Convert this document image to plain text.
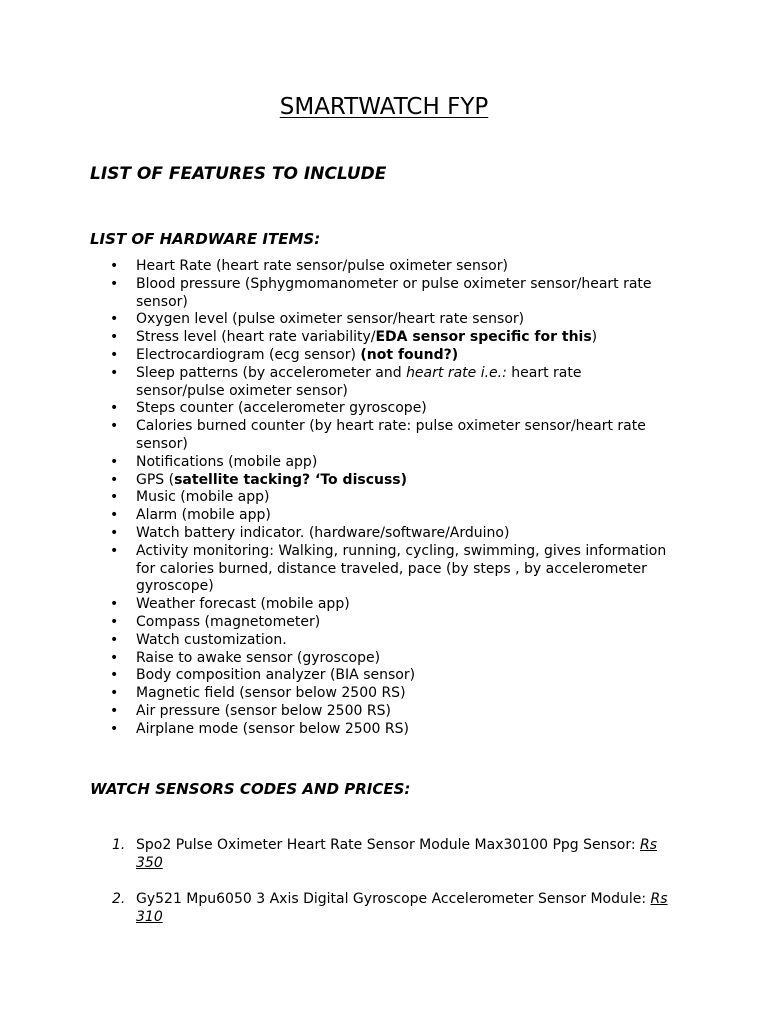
SMARTWATCH FYP
LIST OF FEATURES TO INCLUDE
LIST OF HARDWARE ITEMS:
• Heart Rate (heart rate sensor/pulse oximeter sensor)
• Blood pressure (Sphygmomanometer or pulse oximeter sensor/heart rate sensor)
• Oxygen level (pulse oximeter sensor/heart rate sensor)
• Stress level (heart rate variability/EDA sensor specific for this)
• Electrocardiogram (ecg sensor) (not found?)
• Sleep patterns (by accelerometer and heart rate i.e.: heart rate sensor/pulse oximeter sensor)
• Steps counter (accelerometer gyroscope)
• Calories burned counter (by heart rate: pulse oximeter sensor/heart rate sensor)
• Notifications (mobile app)
• GPS (satellite tacking? ‘To discuss)
• Music (mobile app)
• Alarm (mobile app)
• Watch battery indicator. (hardware/software/Arduino)
• Activity monitoring: Walking, running, cycling, swimming, gives information for calories burned, distance traveled, pace (by steps , by accelerometer gyroscope)
• Weather forecast (mobile app)
• Compass (magnetometer)
• Watch customization.
• Raise to awake sensor (gyroscope)
• Body composition analyzer (BIA sensor)
• Magnetic field (sensor below 2500 RS)
• Air pressure (sensor below 2500 RS)
• Airplane mode (sensor below 2500 RS)
WATCH SENSORS CODES AND PRICES:
1. Spo2 Pulse Oximeter Heart Rate Sensor Module Max30100 Ppg Sensor: Rs 350
2. Gy521 Mpu6050 3 Axis Digital Gyroscope Accelerometer Sensor Module: Rs 310
